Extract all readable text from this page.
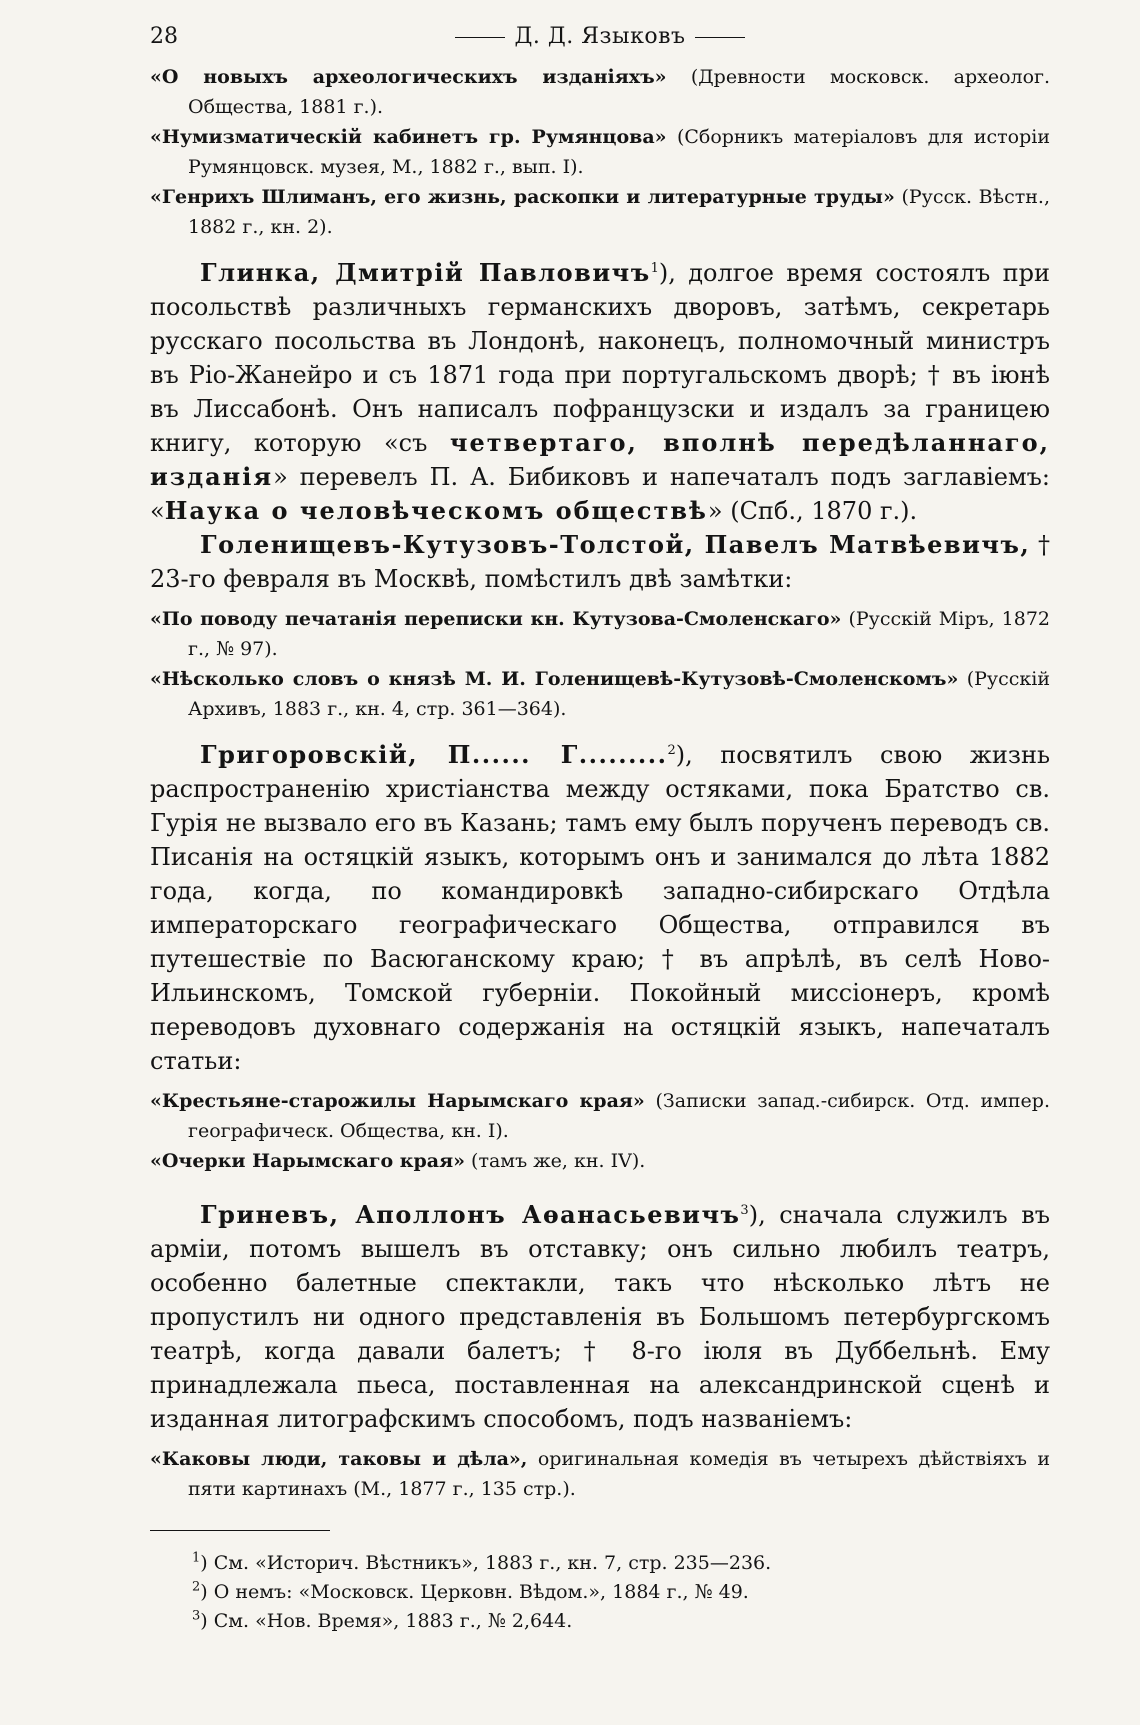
28	Д. Д. Языковъ

«О новыхъ археологическихъ изданіяхъ» (Древности московск. археолог. Общества, 1881 г.).

«Нумизматическій кабинетъ гр. Румянцова» (Сборникъ матеріаловъ для исторіи Румянцовск. музея, М., 1882 г., вып. I).

«Генрихъ Шлиманъ, его жизнь, раскопки и литературные труды» (Русск. Вѣстн., 1882 г., кн. 2).

Глинка, Дмитрій Павловичъ$^1$), долгое время состоялъ при посольствѣ различныхъ германскихъ дворовъ, затѣмъ, секретарь русскаго посольства въ Лондонѣ, наконецъ, полномочный министръ въ Ріо-Жанейро и съ 1871 года при португальскомъ дворѣ; † въ іюнѣ въ Лиссабонѣ. Онъ написалъ пофранцузски и издалъ за границею книгу, которую «съ четвертаго, вполнѣ передѣланнаго, изданія» перевелъ П. А. Бибиковъ и напечаталъ подъ заглавіемъ: «Наука о человѣческомъ обществѣ» (Спб., 1870 г.).

Голенищевъ-Кутузовъ-Толстой, Павелъ Матвѣевичъ, † 23-го февраля въ Москвѣ, помѣстилъ двѣ замѣтки:

«По поводу печатанія переписки кн. Кутузова-Смоленскаго» (Русскій Міръ, 1872 г., № 97).

«Нѣсколько словъ о князѣ М. И. Голенищевѣ-Кутузовѣ-Смоленскомъ» (Русскій Архивъ, 1883 г., кн. 4, стр. 361—364).

Григоровскій, П...... Г.........$^2$), посвятилъ свою жизнь распространенію христіанства между остяками, пока Братство св. Гурія не вызвало его въ Казань; тамъ ему былъ порученъ переводъ св. Писанія на остяцкій языкъ, которымъ онъ и занимался до лѣта 1882 года, когда, по командировкѣ западно-сибирскаго Отдѣла императорскаго географическаго Общества, отправился въ путешествіе по Васюганскому краю; † въ апрѣлѣ, въ селѣ Ново-Ильинскомъ, Томской губерніи. Покойный миссіонеръ, кромѣ переводовъ духовнаго содержанія на остяцкій языкъ, напечаталъ статьи:

«Крестьяне-старожилы Нарымскаго края» (Записки запад.-сибирск. Отд. импер. географическ. Общества, кн. I).

«Очерки Нарымскаго края» (тамъ же, кн. IV).

Гриневъ, Аполлонъ Аѳанасьевичъ$^3$), сначала служилъ въ арміи, потомъ вышелъ въ отставку; онъ сильно любилъ театръ, особенно балетные спектакли, такъ что нѣсколько лѣтъ не пропустилъ ни одного представленія въ Большомъ петербургскомъ театрѣ, когда давали балетъ; † 8-го іюля въ Дуббельнѣ. Ему принадлежала пьеса, поставленная на александринской сценѣ и изданная литографскимъ способомъ, подъ названіемъ:

«Каковы люди, таковы и дѣла», оригинальная комедія въ четырехъ дѣйствіяхъ и пяти картинахъ (М., 1877 г., 135 стр.).

$^1$) См. «Историч. Вѣстникъ», 1883 г., кн. 7, стр. 235—236.

$^2$) О немъ: «Московск. Церковн. Вѣдом.», 1884 г., № 49.

$^3$) См. «Нов. Время», 1883 г., № 2,644.
